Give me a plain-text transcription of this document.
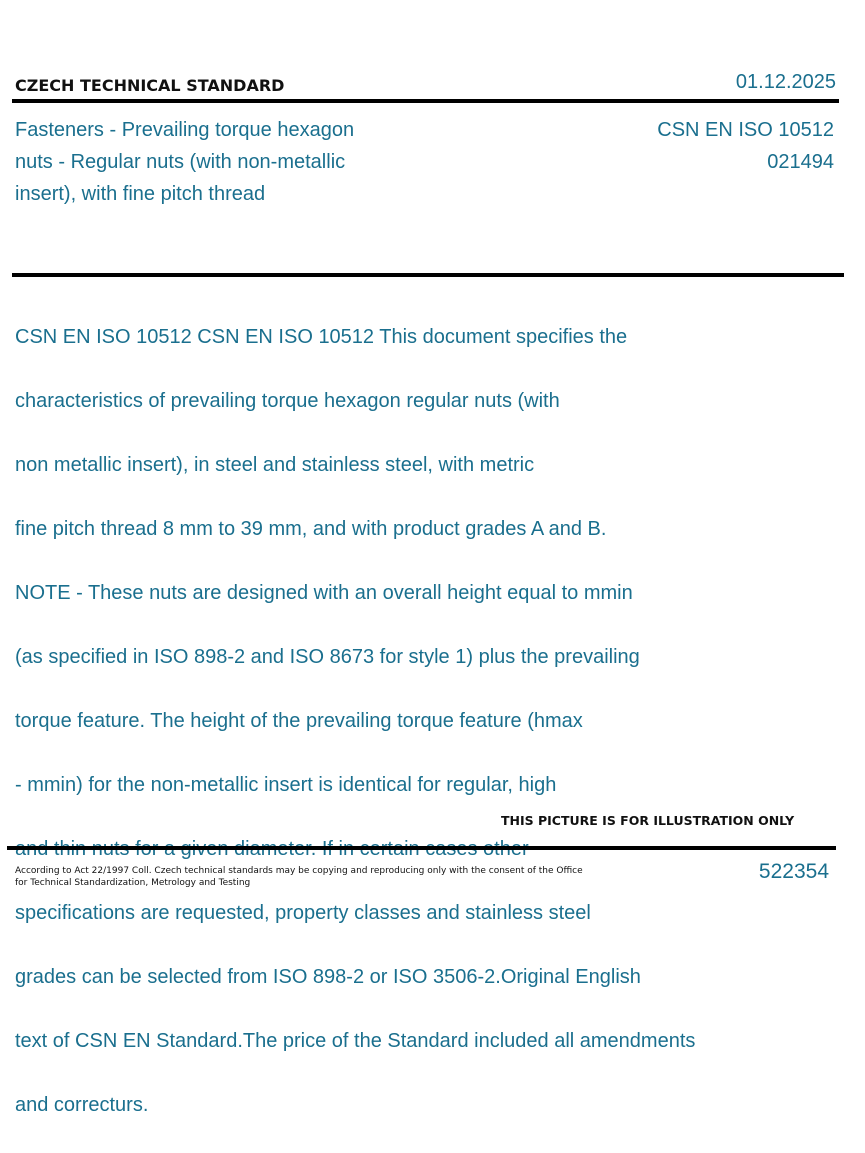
CZECH TECHNICAL STANDARD	01.12.2025
Fasteners - Prevailing torque hexagon
nuts - Regular nuts (with non-metallic
insert), with fine pitch thread
CSN EN ISO 10512
021494

CSN EN ISO 10512 CSN EN ISO 10512 This document specifies the

characteristics of prevailing torque hexagon regular nuts (with

non metallic insert), in steel and stainless steel, with metric

fine pitch thread 8 mm to 39 mm, and with product grades A and B.

NOTE - These nuts are designed with an overall height equal to mmin

(as specified in ISO 898-2 and ISO 8673 for style 1) plus the prevailing

torque feature. The height of the prevailing torque feature (hmax

- mmin) for the non-metallic insert is identical for regular, high

specifications are requested, property classes and stainless steel

grades can be selected from ISO 898-2 or ISO 3506-2.Original English

text of CSN EN Standard.The price of the Standard included all amendments

and correcturs.

THIS PICTURE IS FOR ILLUSTRATION ONLY
According to Act 22/1997 Coll. Czech technical standards may be copying and reproducing only with the consent of the Office
for Technical Standardization, Metrology and Testing	522354
